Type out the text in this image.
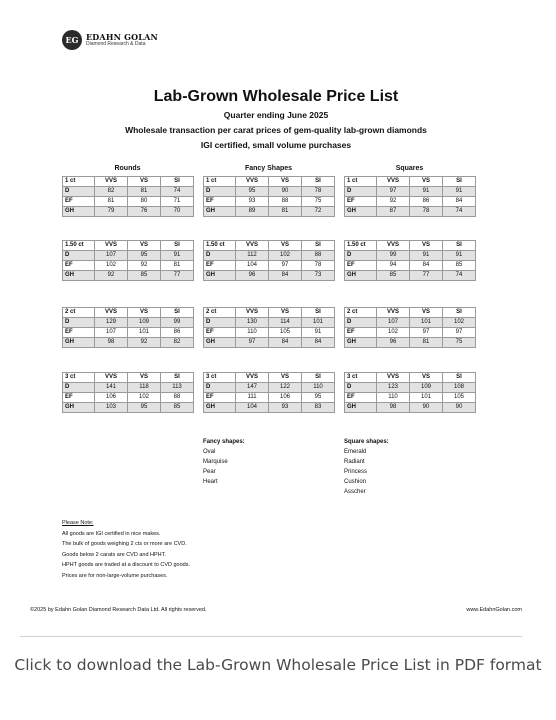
EG EDAHN GOLAN
Diamond Research & Data
Lab-Grown Wholesale Price List
Quarter ending June 2025
Wholesale transaction per carat prices of gem-quality lab-grown diamonds
IGI certified, small volume purchases
Rounds
1 ct	VVS	VS	SI
D	82	81	74
EF	81	80	71
GH	79	76	70
1.50 ct	VVS	VS	SI
D	107	95	91
EF	102	92	81
GH	92	85	77
2 ct	VVS	VS	SI
D	129	109	99
EF	107	101	86
GH	98	92	82
3 ct	VVS	VS	SI
D	141	118	113
EF	106	102	88
GH	103	95	85
Fancy Shapes
1 ct	VVS	VS	SI
D	95	90	78
EF	93	88	75
GH	89	81	72
1.50 ct	VVS	VS	SI
D	112	102	88
EF	104	97	78
GH	96	84	73
2 ct	VVS	VS	SI
D	130	114	101
EF	110	105	91
GH	97	84	84
3 ct	VVS	VS	SI
D	147	122	110
EF	111	106	95
GH	104	93	83
Squares
1 ct	VVS	VS	SI
D	97	91	91
EF	92	86	84
GH	87	78	74
1.50 ct	VVS	VS	SI
D	99	91	91
EF	94	84	85
GH	85	77	74
2 ct	VVS	VS	SI
D	107	101	102
EF	102	97	97
GH	96	81	75
3 ct	VVS	VS	SI
D	123	109	108
EF	110	101	105
GH	98	90	90
Fancy shapes:
Oval
Marquise
Pear
Heart
Square shapes:
Emerald
Radiant
Princess
Cushion
Asscher
Please Note:
All goods are IGI certified in nice makes.
The bulk of goods weighing 2 cts or more are CVD.
Goods below 2 carats are CVD and HPHT.
HPHT goods are traded at a discount to CVD goods.
Prices are for non-large-volume purchases.
©2025 by Edahn Golan Diamond Research Data Ltd. All rights reserved.	www.EdahnGolan.com
Click to download the Lab-Grown Wholesale Price List in PDF format
